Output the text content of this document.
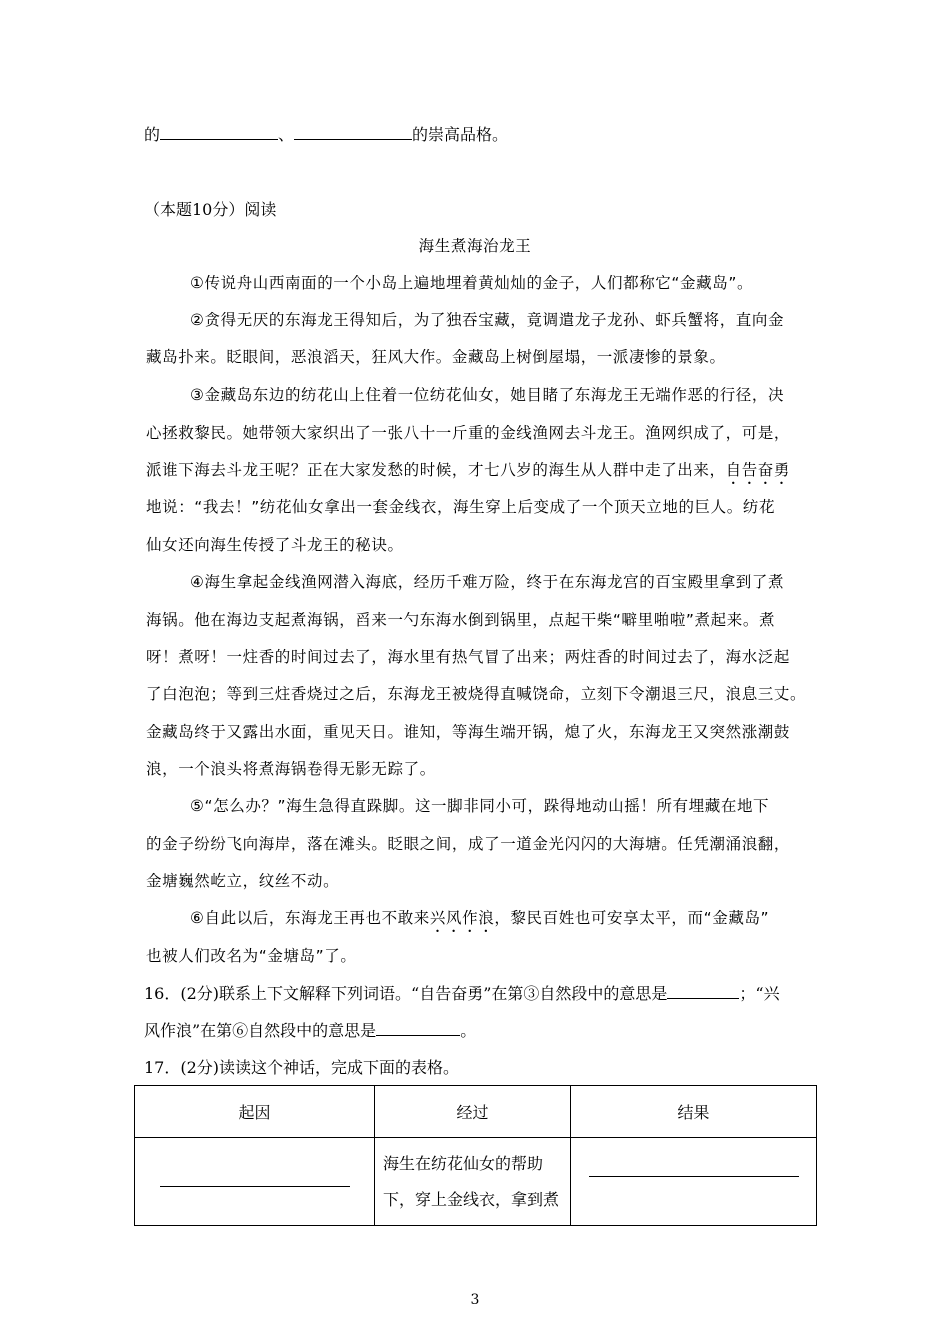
的	、	的崇高品格。
（本题10分）阅读
海生煮海治龙王
①传说舟山西南面的一个小岛上遍地埋着黄灿灿的金子，人们都称它“金藏岛”。
②贪得无厌的东海龙王得知后，为了独吞宝藏，竟调遣龙子龙孙、虾兵蟹将，直向金
藏岛扑来。眨眼间，恶浪滔天，狂风大作。金藏岛上树倒屋塌，一派凄惨的景象。
③金藏岛东边的纺花山上住着一位纺花仙女，她目睹了东海龙王无端作恶的行径，决
心拯救黎民。她带领大家织出了一张八十一斤重的金线渔网去斗龙王。渔网织成了，可是，
派谁下海去斗龙王呢？正在大家发愁的时候，才七八岁的海生从人群中走了出来，自告奋勇
地说：“我去！”纺花仙女拿出一套金线衣，海生穿上后变成了一个顶天立地的巨人。纺花
仙女还向海生传授了斗龙王的秘诀。
④海生拿起金线渔网潜入海底，经历千难万险，终于在东海龙宫的百宝殿里拿到了煮
海锅。他在海边支起煮海锅，舀来一勺东海水倒到锅里，点起干柴“噼里啪啦”煮起来。煮
呀！煮呀！一炷香的时间过去了，海水里有热气冒了出来；两炷香的时间过去了，海水泛起
了白泡泡；等到三炷香烧过之后，东海龙王被烧得直喊饶命，立刻下令潮退三尺，浪息三丈。
金藏岛终于又露出水面，重见天日。谁知，等海生端开锅，熄了火，东海龙王又突然涨潮鼓
浪，一个浪头将煮海锅卷得无影无踪了。
⑤“怎么办？”海生急得直跺脚。这一脚非同小可，跺得地动山摇！所有埋藏在地下
的金子纷纷飞向海岸，落在滩头。眨眼之间，成了一道金光闪闪的大海塘。任凭潮涌浪翻，
金塘巍然屹立，纹丝不动。
⑥自此以后，东海龙王再也不敢来兴风作浪，黎民百姓也可安享太平，而“金藏岛”
也被人们改名为“金塘岛”了。
16．(2分)联系上下文解释下列词语。“自告奋勇”在第③自然段中的意思是	；“兴
风作浪”在第⑥自然段中的意思是	。
17．(2分)读读这个神话，完成下面的表格。
起因	经过	结果

	海生在纺花仙女的帮助
下，穿上金线衣，拿到煮	

3
